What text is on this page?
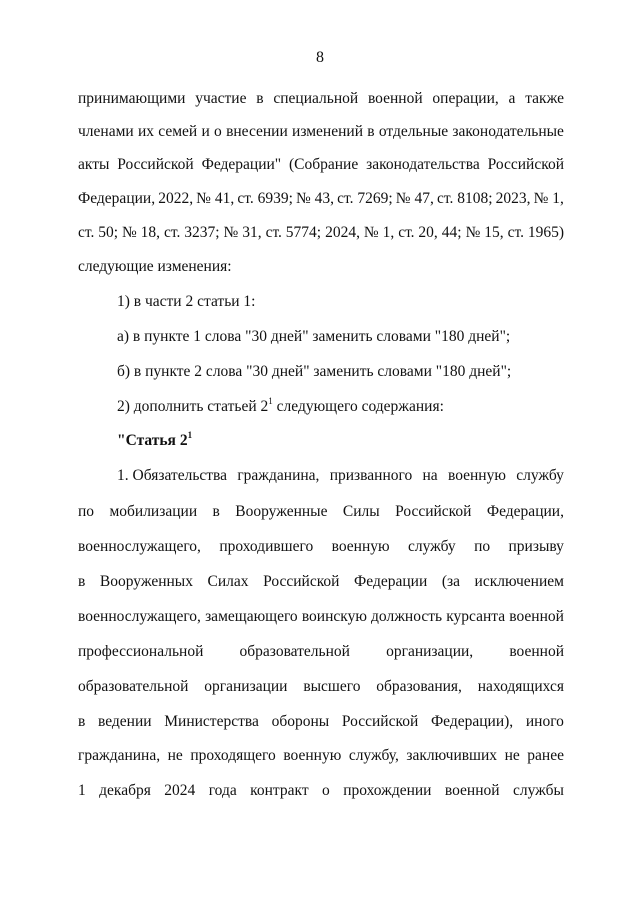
8
принимающими участие в специальной военной операции, а также
членами их семей и о внесении изменений в отдельные законодательные
акты Российской Федерации" (Собрание законодательства Российской
Федерации, 2022, № 41, ст. 6939; № 43, ст. 7269; № 47, ст. 8108; 2023, № 1,
ст. 50; № 18, ст. 3237; № 31, ст. 5774; 2024, № 1, ст. 20, 44; № 15, ст. 1965)
следующие изменения:
1) в части 2 статьи 1:
а) в пункте 1 слова "30 дней" заменить словами "180 дней";
б) в пункте 2 слова "30 дней" заменить словами "180 дней";
2) дополнить статьей $2^1$ следующего содержания:
"Статья $2^1$
1. Обязательства гражданина, призванного на военную службу
по мобилизации в Вооруженные Силы Российской Федерации,
военнослужащего, проходившего военную службу по призыву
в Вооруженных Силах Российской Федерации (за исключением
военнослужащего, замещающего воинскую должность курсанта военной
профессиональной образовательной организации, военной
образовательной организации высшего образования, находящихся
в ведении Министерства обороны Российской Федерации), иного
гражданина, не проходящего военную службу, заключивших не ранее
1 декабря 2024 года контракт о прохождении военной службы
